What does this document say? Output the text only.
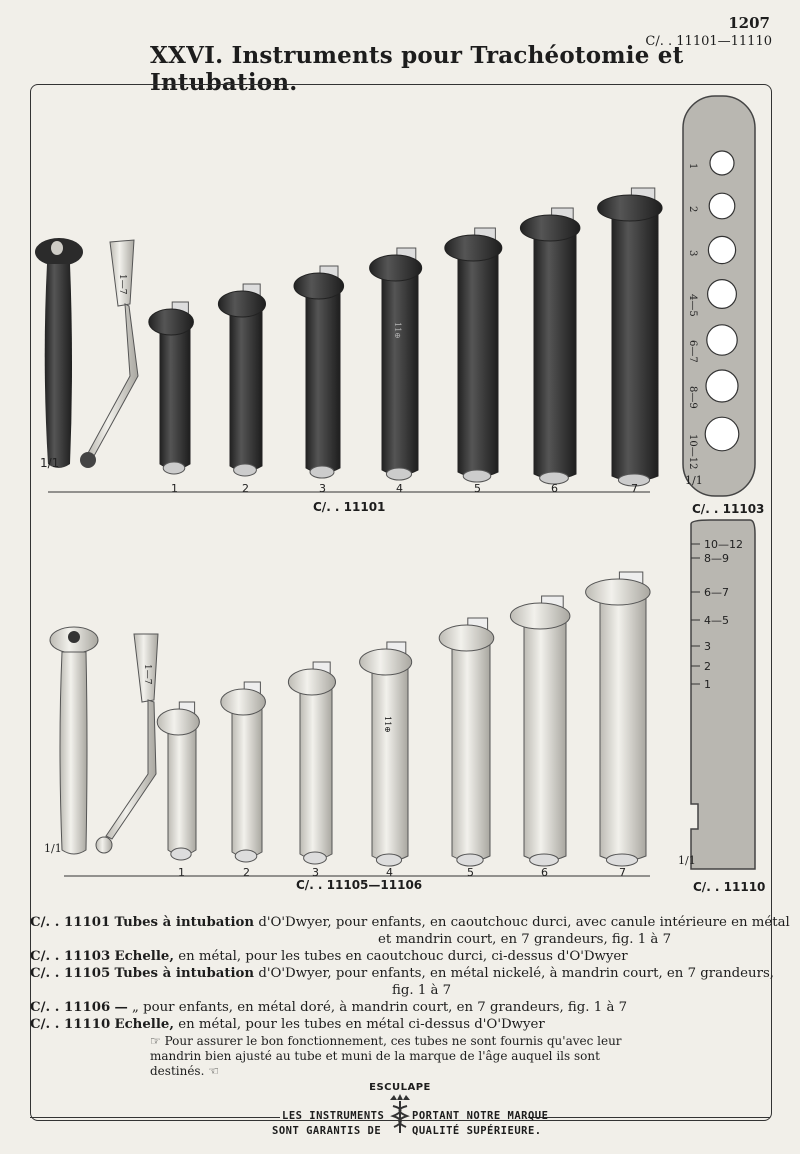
1207
C/. . 11101—11110
XXVI. Instruments pour Trachéotomie et Intubation.
1—7
1	2	3
11⊕
4	5	6	7
1
2
3
4—5
6—7
8—9
10—12
1/1
1/1
1—7
1	2	3
11⊕
4	5	6	7
10—12
8—9
6—7
4—5
3
2
1
1/1
1/1
C/. . 11101	C/. . 11103
C/. . 11105—11106	C/. . 11110
C/. . 11101 Tubes à intubation d'O'Dwyer, pour enfants, en caoutchouc durci, avec canule intérieure en métal
et mandrin court, en 7 grandeurs, fig. 1 à 7
C/. . 11103 Echelle, en métal, pour les tubes en caoutchouc durci, ci-dessus d'O'Dwyer
C/. . 11105 Tubes à intubation d'O'Dwyer, pour enfants, en métal nickelé, à mandrin court, en 7 grandeurs,
fig. 1 à 7
C/. . 11106 — „ pour enfants, en métal doré, à mandrin court, en 7 grandeurs, fig. 1 à 7
C/. . 11110 Echelle, en métal, pour les tubes en métal ci-dessus d'O'Dwyer
☞ Pour assurer le bon fonctionnement, ces tubes ne sont fournis qu'avec leur mandrin bien ajusté au tube et muni de la marque de l'âge auquel ils sont destinés. ☜
ESCULAPE
LES INSTRUMENTS	PORTANT NOTRE MARQUE
SONT GARANTIS DE	QUALITÉ SUPÉRIEURE.
